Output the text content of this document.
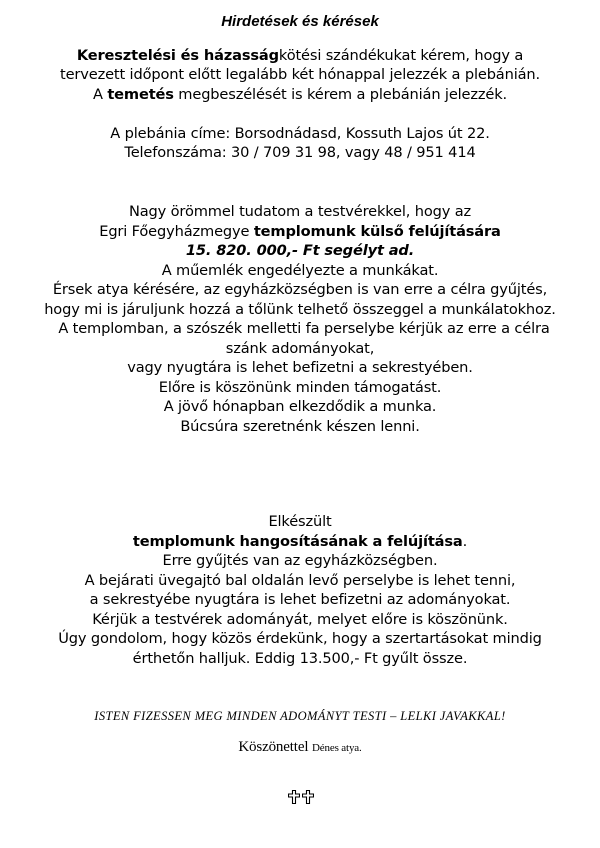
Hirdetések és kérések
Keresztelési és házasságkötési szándékukat kérem, hogy a
tervezett időpont előtt legalább két hónappal jelezzék a plebánián.
A temetés megbeszélését is kérem a plebánián jelezzék.
A plebánia címe: Borsodnádasd, Kossuth Lajos út 22.
Telefonszáma: 30 / 709 31 98, vagy 48 / 951 414
Nagy örömmel tudatom a testvérekkel, hogy az
Egri Főegyházmegye templomunk külső felújítására
15. 820. 000,- Ft segélyt ad.
A műemlék engedélyezte a munkákat.
Érsek atya kérésére, az egyházközségben is van erre a célra gyűjtés,
hogy mi is járuljunk hozzá a tőlünk telhető összeggel a munkálatokhoz.
A templomban, a szószék melletti fa perselybe kérjük az erre a célra
szánk adományokat,
vagy nyugtára is lehet befizetni a sekrestyében.
Előre is köszönünk minden támogatást.
A jövő hónapban elkezdődik a munka.
Búcsúra szeretnénk készen lenni.
Elkészült
templomunk hangosításának a felújítása.
Erre gyűjtés van az egyházközségben.
A bejárati üvegajtó bal oldalán levő perselybe is lehet tenni,
a sekrestyébe nyugtára is lehet befizetni az adományokat.
Kérjük a testvérek adományát, melyet előre is köszönünk.
Úgy gondolom, hogy közös érdekünk, hogy a szertartásokat mindig
érthetőn halljuk. Eddig 13.500,- Ft gyűlt össze.
ISTEN FIZESSEN MEG MINDEN ADOMÁNYT TESTI – LELKI JAVAKKAL!
Köszönettel Dénes atya.
